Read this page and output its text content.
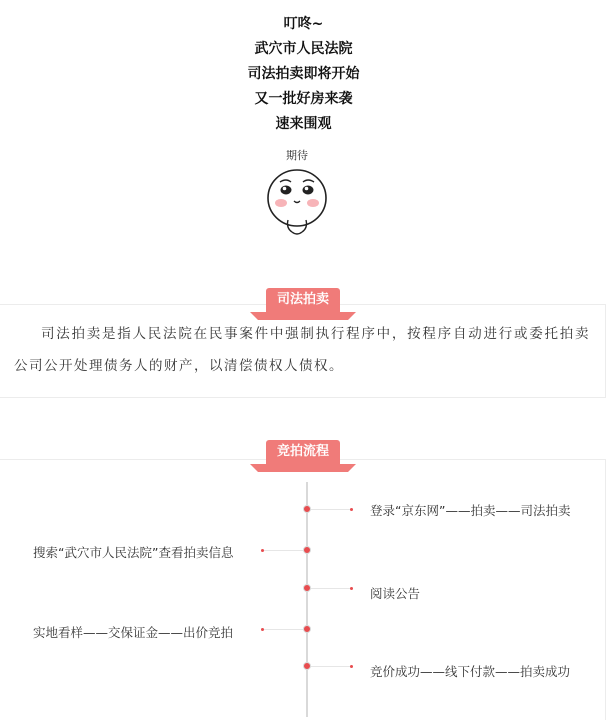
叮咚~
武穴市人民法院
司法拍卖即将开始
又一批好房来袭
速来围观
期待
司法拍卖
司法拍卖是指人民法院在民事案件中强制执行程序中，按程序自动进行或委托拍卖公司公开处理债务人的财产，以清偿债权人债权。
竞拍流程
登录“京东网”——拍卖——司法拍卖
搜索“武穴市人民法院”查看拍卖信息
阅读公告
实地看样——交保证金——出价竞拍
竞价成功——线下付款——拍卖成功
